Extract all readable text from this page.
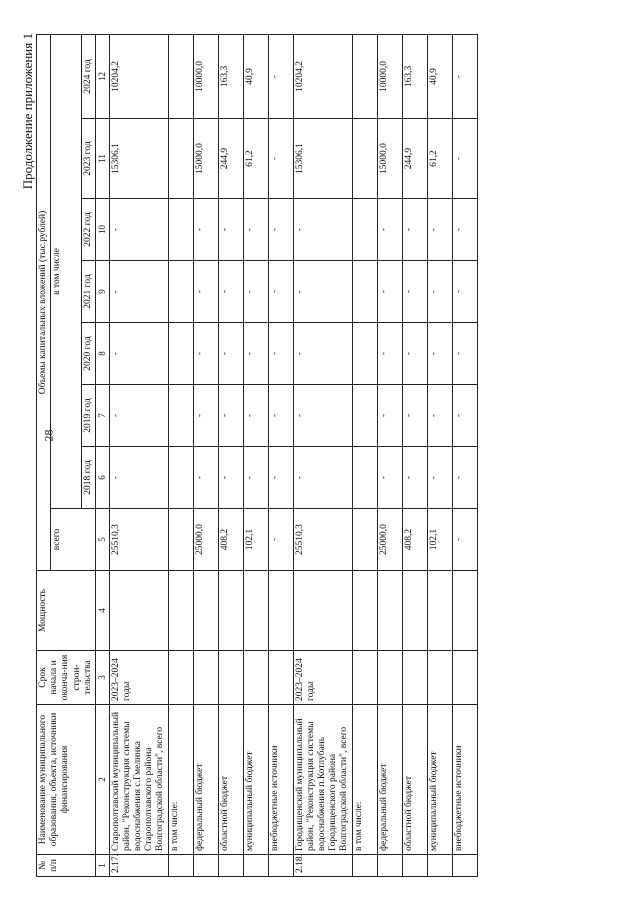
28
Продолжение приложения 1
№ п/п	Наименование муниципального образования, объекта, источники финансирования	Срок начала и оконча-ния строи-тельства	Мощность	Объемы капитальных вложений (тыс.рублей)							
				всего	в том числе						
					2018 год	2019 год	2020 год	2021 год	2022 год	2023 год	2024 год
1	2	3	4	5	6	7	8	9	10	11	12
2.17.	Старополтавский муниципальный район, "Реконструкция системы водоснабжения с.Гмелинка Старополтавского района Волгоградской области", всего	2023–2024 годы		25510,3	-	-	-	-	-	15306,1	10204,2
	в том числе:										
	федеральный бюджет			25000,0	-	-	-	-	-	15000,0	10000,0
	областной бюджет			408,2	-	-	-	-	-	244,9	163,3
	муниципальный бюджет			102,1	-	-	-	-	-	61,2	40,9
	внебюджетные источники			-	-	-	-	-	-	-	-
2.18.	Городищенский муниципальный район, "Реконструкция системы водоснабжения п.Котлубань Городищенского района Волгоградской области", всего	2023–2024 годы		25510,3	-	-	-	-	-	15306,1	10204,2
	в том числе:										
	федеральный бюджет			25000,0	-	-	-	-	-	15000,0	10000,0
	областной бюджет			408,2	-	-	-	-	-	244,9	163,3
	муниципальный бюджет			102,1	-	-	-	-	-	61,2	40,9
	внебюджетные источники			-	-	-	-	-	-	-	-
